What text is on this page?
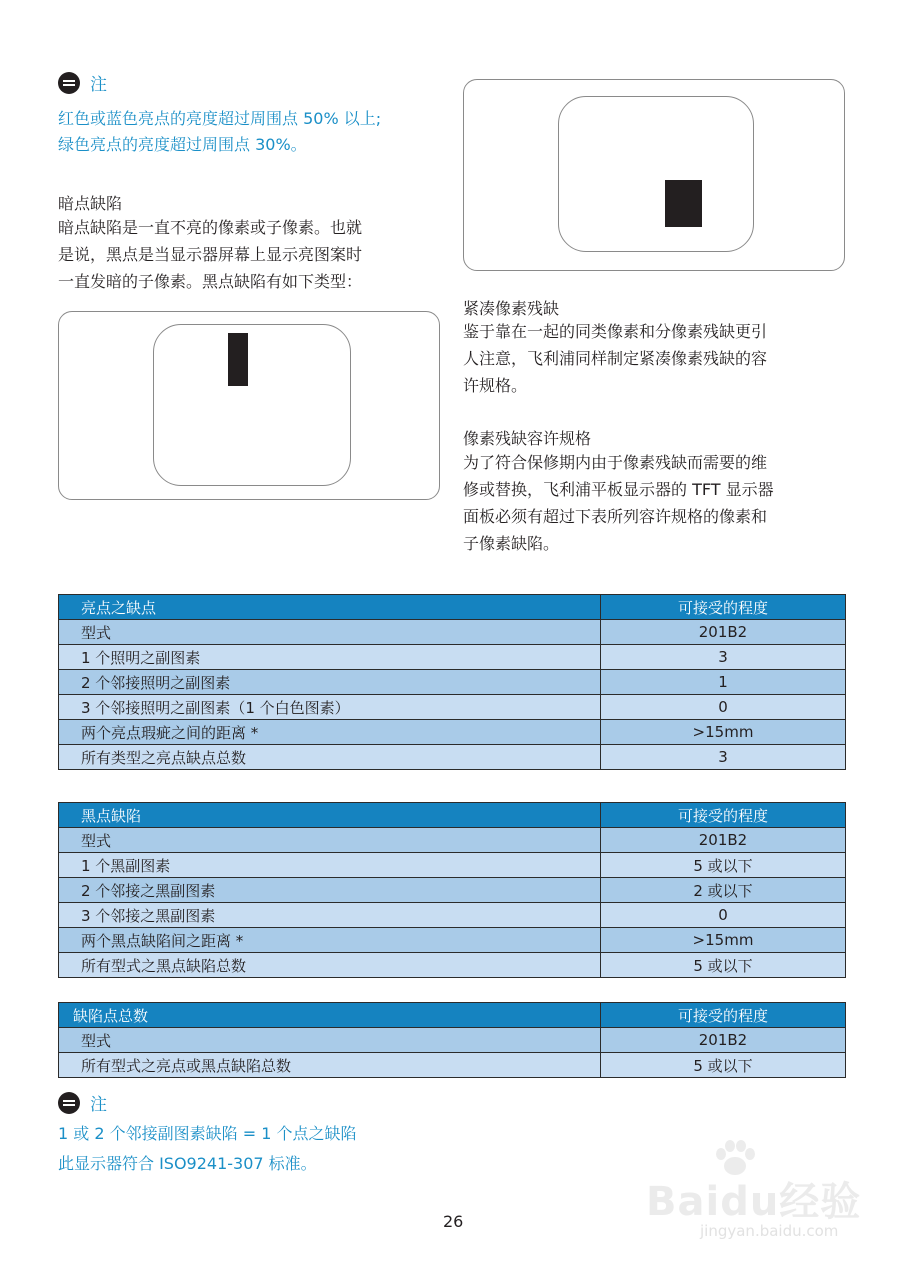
注
红色或蓝色亮点的亮度超过周围点 50% 以上;
绿色亮点的亮度超过周围点 30%。
暗点缺陷
暗点缺陷是一直不亮的像素或子像素。也就
是说，黑点是当显示器屏幕上显示亮图案时
一直发暗的子像素。黑点缺陷有如下类型：
紧凑像素残缺
鉴于靠在一起的同类像素和分像素残缺更引
人注意，飞利浦同样制定紧凑像素残缺的容
许规格。
像素残缺容许规格
为了符合保修期内由于像素残缺而需要的维
修或替换，飞利浦平板显示器的 TFT 显示器
面板必须有超过下表所列容许规格的像素和
子像素缺陷。
亮点之缺点	可接受的程度
型式	201B2
1 个照明之副图素	3
2 个邻接照明之副图素	1
3 个邻接照明之副图素（1 个白色图素）	0
两个亮点瑕疵之间的距离 *	>15mm
所有类型之亮点缺点总数	3
黑点缺陷	可接受的程度
型式	201B2
1 个黑副图素	5 或以下
2 个邻接之黑副图素	2 或以下
3 个邻接之黑副图素	0
两个黑点缺陷间之距离 *	>15mm
所有型式之黑点缺陷总数	5 或以下
缺陷点总数	可接受的程度
型式	201B2
所有型式之亮点或黑点缺陷总数	5 或以下
注
1 或 2 个邻接副图素缺陷 = 1 个点之缺陷
此显示器符合 ISO9241-307 标准。
26	Baidu经验
jingyan.baidu.com
